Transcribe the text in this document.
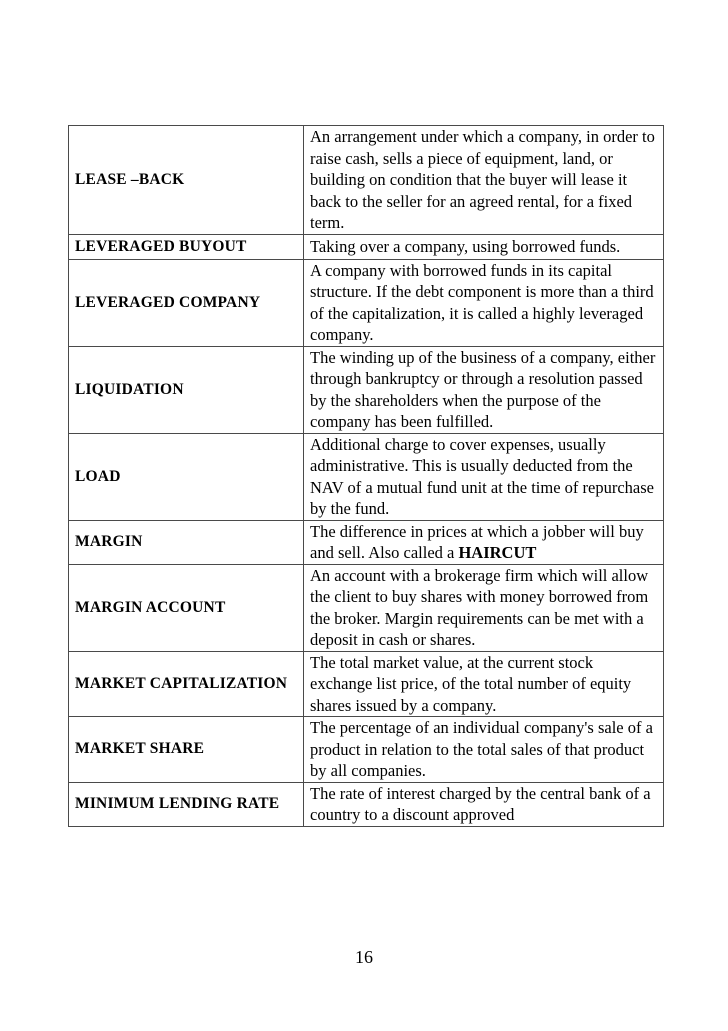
LEASE –BACK	An arrangement under which a company, in order to raise cash, sells a piece of equipment, land, or building on condition that the buyer will lease it back to the seller for an agreed rental, for a fixed term.
LEVERAGED BUYOUT	Taking over a company, using borrowed funds.
LEVERAGED COMPANY	A company with borrowed funds in its capital structure. If the debt component is more than a third of the capitalization, it is called a highly leveraged company.
LIQUIDATION	The winding up of the business of a company, either through bankruptcy or through a resolution passed by the shareholders when the purpose of the company has been fulfilled.
LOAD	Additional charge to cover expenses, usually administrative. This is usually deducted from the NAV of a mutual fund unit at the time of repurchase by the fund.
MARGIN	The difference in prices at which a jobber will buy and sell. Also called a HAIRCUT
MARGIN ACCOUNT	An account with a brokerage firm which will allow the client to buy shares with money borrowed from the broker. Margin requirements can be met with a deposit in cash or shares.
MARKET CAPITALIZATION	The total market value, at the current stock exchange list price, of the total number of equity shares issued by a company.
MARKET SHARE	The percentage of an individual company's sale of a product in relation to the total sales of that product by all companies.
MINIMUM LENDING RATE	The rate of interest charged by the central bank of a country to a discount approved
16
